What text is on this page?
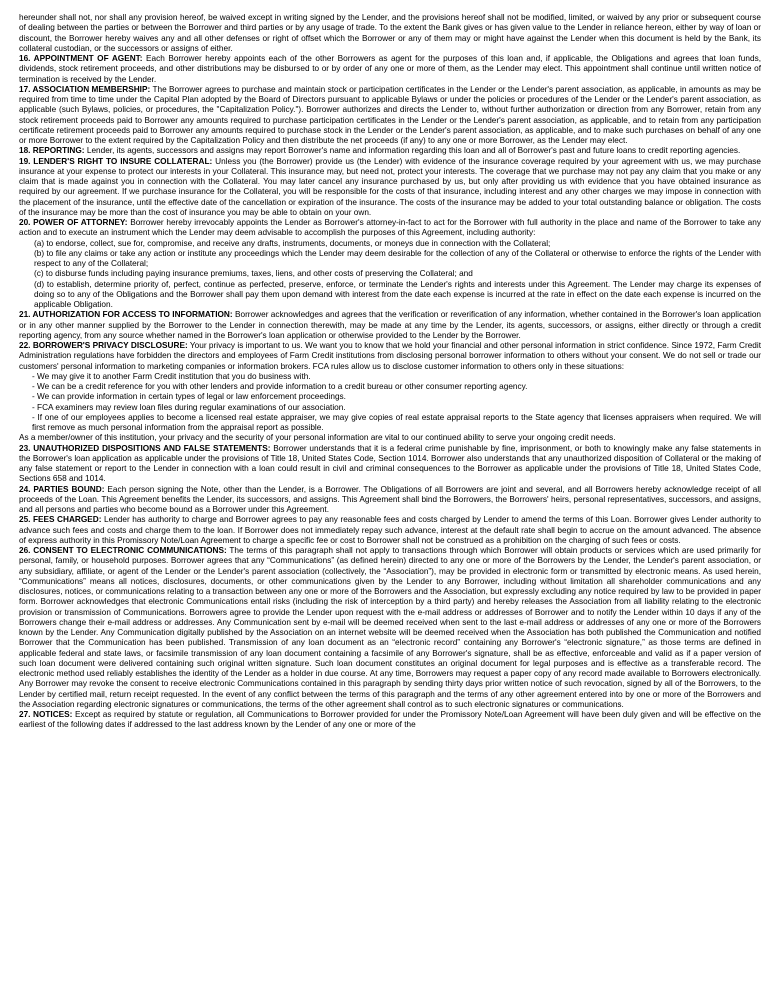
hereunder shall not, nor shall any provision hereof, be waived except in writing signed by the Lender, and the provisions hereof shall not be modified, limited, or waived by any prior or subsequent course of dealing between the parties or between the Borrower and third parties or by any usage of trade. To the extent the Bank gives or has given value to the Lender in reliance hereon, either by way of loan or discount, the Borrower hereby waives any and all other defenses or right of offset which the Borrower or any of them may or might have against the Lender when this document is held by the Bank, its collateral custodian, or the successors or assigns of either.

16. APPOINTMENT OF AGENT: Each Borrower hereby appoints each of the other Borrowers as agent for the purposes of this loan and, if applicable, the Obligations and agrees that loan funds, dividends, stock retirement proceeds, and other distributions may be disbursed to or by order of any one or more of them, as the Lender may elect. This appointment shall continue until written notice of termination is received by the Lender.

17. ASSOCIATION MEMBERSHIP: The Borrower agrees to purchase and maintain stock or participation certificates in the Lender or the Lender's parent association, as applicable, in amounts as may be required from time to time under the Capital Plan adopted by the Board of Directors pursuant to applicable Bylaws or under the policies or procedures of the Lender or the Lender's parent association, as applicable (such Bylaws, policies, or procedures, the "Capitalization Policy."). Borrower authorizes and directs the Lender to, without further authorization or direction from any Borrower, retain from any stock retirement proceeds paid to Borrower any amounts required to purchase participation certificates in the Lender or the Lender's parent association, as applicable, and to retain from any participation certificate retirement proceeds paid to Borrower any amounts required to purchase stock in the Lender or the Lender's parent association, as applicable, and to make such purchases on behalf of any one or more Borrower to the extent required by the Capitalization Policy and then distribute the net proceeds (if any) to any one or more Borrower, as the Lender may elect.

18. REPORTING: Lender, its agents, successors and assigns may report Borrower's name and information regarding this loan and all of Borrower's past and future loans to credit reporting agencies.

19. LENDER'S RIGHT TO INSURE COLLATERAL: Unless you (the Borrower) provide us (the Lender) with evidence of the insurance coverage required by your agreement with us, we may purchase insurance at your expense to protect our interests in your Collateral. This insurance may, but need not, protect your interests. The coverage that we purchase may not pay any claim that you make or any claim that is made against you in connection with the Collateral. You may later cancel any insurance purchased by us, but only after providing us with evidence that you have obtained insurance as required by our agreement. If we purchase insurance for the Collateral, you will be responsible for the costs of that insurance, including interest and any other charges we may impose in connection with the placement of the insurance, until the effective date of the cancellation or expiration of the insurance. The costs of the insurance may be added to your total outstanding balance or obligation. The costs of the insurance may be more than the cost of insurance you may be able to obtain on your own.

20. POWER OF ATTORNEY: Borrower hereby irrevocably appoints the Lender as Borrower's attorney-in-fact to act for the Borrower with full authority in the place and name of the Borrower to take any action and to execute an instrument which the Lender may deem advisable to accomplish the purposes of this Agreement, including authority:

(a) to endorse, collect, sue for, compromise, and receive any drafts, instruments, documents, or moneys due in connection with the Collateral;

(b) to file any claims or take any action or institute any proceedings which the Lender may deem desirable for the collection of any of the Collateral or otherwise to enforce the rights of the Lender with respect to any of the Collateral;

(c) to disburse funds including paying insurance premiums, taxes, liens, and other costs of preserving the Collateral; and

(d) to establish, determine priority of, perfect, continue as perfected, preserve, enforce, or terminate the Lender's rights and interests under this Agreement. The Lender may charge its expenses of doing so to any of the Obligations and the Borrower shall pay them upon demand with interest from the date each expense is incurred at the rate in effect on the date each expense is incurred on the applicable Obligation.

21. AUTHORIZATION FOR ACCESS TO INFORMATION: Borrower acknowledges and agrees that the verification or reverification of any information, whether contained in the Borrower's loan application or in any other manner supplied by the Borrower to the Lender in connection therewith, may be made at any time by the Lender, its agents, successors, or assigns, either directly or through a credit reporting agency, from any source whether named in the Borrower's loan application or otherwise provided to the Lender by the Borrower.

22. BORROWER'S PRIVACY DISCLOSURE: Your privacy is important to us. We want you to know that we hold your financial and other personal information in strict confidence. Since 1972, Farm Credit Administration regulations have forbidden the directors and employees of Farm Credit institutions from disclosing personal borrower information to others without your consent. We do not sell or trade our customers' personal information to marketing companies or information brokers. FCA rules allow us to disclose customer information to others only in these situations:

- We may give it to another Farm Credit institution that you do business with.

- We can be a credit reference for you with other lenders and provide information to a credit bureau or other consumer reporting agency.

- We can provide information in certain types of legal or law enforcement proceedings.

- FCA examiners may review loan files during regular examinations of our association.

- If one of our employees applies to become a licensed real estate appraiser, we may give copies of real estate appraisal reports to the State agency that licenses appraisers when required. We will first remove as much personal information from the appraisal report as possible.

As a member/owner of this institution, your privacy and the security of your personal information are vital to our continued ability to serve your ongoing credit needs.

23. UNAUTHORIZED DISPOSITIONS AND FALSE STATEMENTS: Borrower understands that it is a federal crime punishable by fine, imprisonment, or both to knowingly make any false statements in the Borrower's loan application as applicable under the provisions of Title 18, United States Code, Section 1014. Borrower also understands that any unauthorized disposition of Collateral or the making of any false statement or report to the Lender in connection with a loan could result in civil and criminal consequences to the Borrower as applicable under the provisions of Title 18, United States Code, Sections 658 and 1014.

24. PARTIES BOUND: Each person signing the Note, other than the Lender, is a Borrower. The Obligations of all Borrowers are joint and several, and all Borrowers hereby acknowledge receipt of all proceeds of the Loan. This Agreement benefits the Lender, its successors, and assigns. This Agreement shall bind the Borrowers, the Borrowers' heirs, personal representatives, successors, and assigns, and all persons and parties who become bound as a Borrower under this Agreement.

25. FEES CHARGED: Lender has authority to charge and Borrower agrees to pay any reasonable fees and costs charged by Lender to amend the terms of this Loan. Borrower gives Lender authority to advance such fees and costs and charge them to the loan. If Borrower does not immediately repay such advance, interest at the default rate shall begin to accrue on the amount advanced. The absence of express authority in this Promissory Note/Loan Agreement to charge a specific fee or cost to Borrower shall not be construed as a prohibition on the charging of such fees or costs.

26. CONSENT TO ELECTRONIC COMMUNICATIONS: The terms of this paragraph shall not apply to transactions through which Borrower will obtain products or services which are used primarily for personal, family, or household purposes. Borrower agrees that any “Communications” (as defined herein) directed to any one or more of the Borrowers by the Lender, the Lender's parent association, or any subsidiary, affiliate, or agent of the Lender or the Lender's parent association (collectively, the “Association”), may be provided in electronic form or transmitted by electronic means. As used herein, “Communications” means all notices, disclosures, documents, or other communications given by the Lender to any Borrower, including without limitation all shareholder communications and any disclosures, notices, or communications relating to a transaction between any one or more of the Borrowers and the Association, but expressly excluding any notice required by law to be provided in paper form. Borrower acknowledges that electronic Communications entail risks (including the risk of interception by a third party) and hereby releases the Association from all liability relating to the electronic provision or transmission of Communications. Borrowers agree to provide the Lender upon request with the e-mail address or addresses of Borrower and to notify the Lender within 10 days if any of the Borrowers change their e-mail address or addresses. Any Communication sent by e-mail will be deemed received when sent to the last e-mail address or addresses of any one or more of the Borrowers known by the Lender. Any Communication digitally published by the Association on an internet website will be deemed received when the Association has both published the Communication and notified Borrower that the Communication has been published. Transmission of any loan document as an “electronic record” containing any Borrower's “electronic signature,” as those terms are defined in applicable federal and state laws, or facsimile transmission of any loan document containing a facsimile of any Borrower's signature, shall be as effective, enforceable and valid as if a paper version of such loan document were delivered containing such original written signature. Such loan document constitutes an original document for legal purposes and is effective as a transferable record. The electronic method used reliably establishes the identity of the Lender as a holder in due course. At any time, Borrowers may request a paper copy of any record made available to Borrowers electronically. Any Borrower may revoke the consent to receive electronic Communications contained in this paragraph by sending thirty days prior written notice of such revocation, signed by all of the Borrowers, to the Lender by certified mail, return receipt requested. In the event of any conflict between the terms of this paragraph and the terms of any other agreement entered into by one or more of the Borrowers and the Association regarding electronic signatures or communications, the terms of the other agreement shall control as to such electronic signatures or communications.

27. NOTICES: Except as required by statute or regulation, all Communications to Borrower provided for under the Promissory Note/Loan Agreement will have been duly given and will be effective on the earliest of the following dates if addressed to the last address known by the Lender of any one or more of the
